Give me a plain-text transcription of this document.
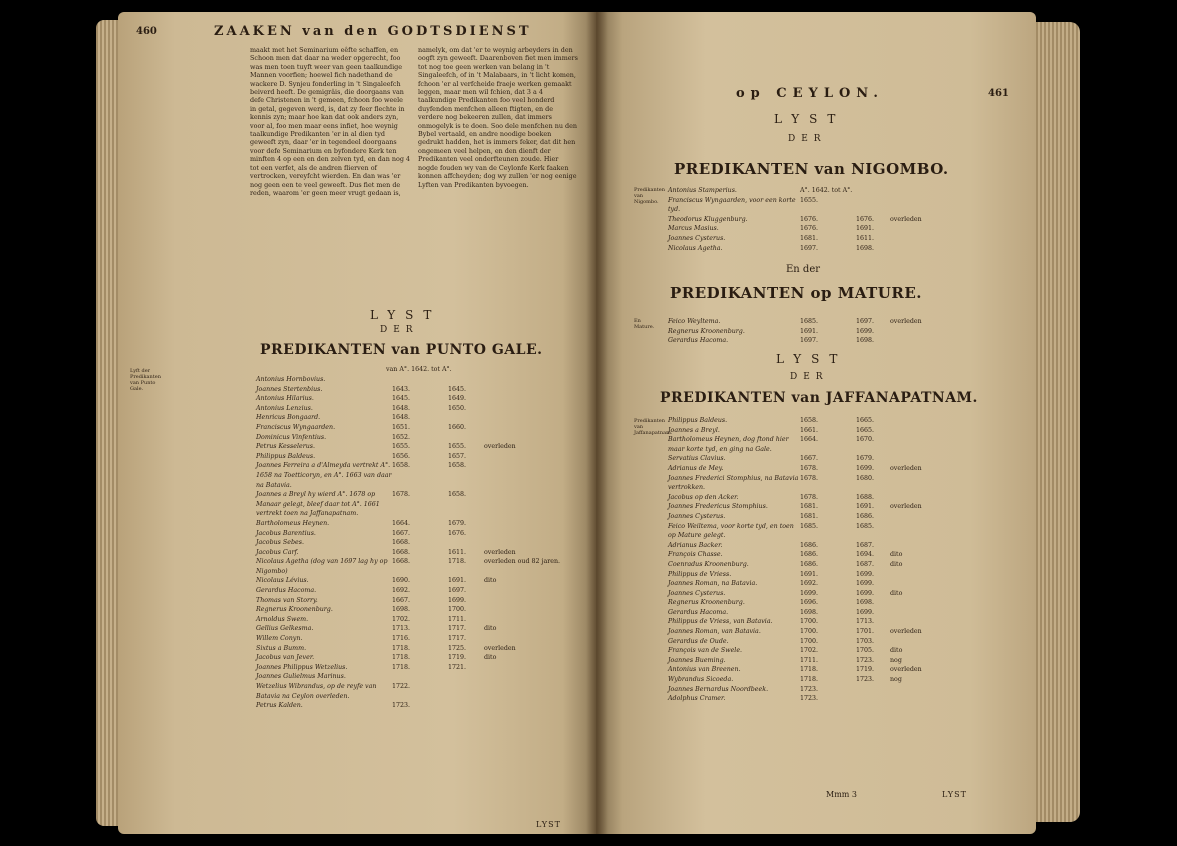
460	ZAAKEN van den GODTSDIENST
maakt met het Seminarium eêfte schaffen, en Schoon men dat daar na weder opgerecht, foo was men toen tuyft weer van geen taalkundige Mannen voorfien; hoewel fich nadethand de wackere D. Synjeu fonderling in 't Singaleefch beiverd heeft. De gemigrâis, die doorgaans van defe Christenen in 't gemeen, fchoon foo weele in getal, gegeven werd, is, dat zy feer flechte in kennis zyn; maar hoe kan dat ook anders zyn, voor al, foo men maar eens infiet, hoe weynig taalkundige Predikanten 'er in al dien tyd geweeft zyn, daar 'er in tegendeel doorgaans voor defe Seminarium en byfondere Kerk ten minften 4 op een en den zelven tyd, en dan nog 4 tot een verfet, als de andren flierven of vertrocken, vereyfcht wierden. En dan was 'er nog geen een te veel geweeft. Dus fiet men de reden, waarom 'er geen meer vrugt gedaan is,
namelyk, om dat 'er te weynig arbeyders in den oogft zyn geweeft. Daarenboven fiet men immers tot nog toe geen werken van belang in 't Singaleefch, of in 't Malabaars, in 't licht komen, fchoon 'er al verfcheide fraeje werken gemaakt leggen, maar men wil fchien, dat 3 a 4 taalkundige Predikanten foo veel honderd duyfenden menfchen alleen ftigten, en de verdere nog bekeeren zullen, dat immers onmogelyk is te doen. Soo dele menfchen nu den Bybel vertaald, en andre noodige boeken gedrukt hadden, het is immers feker, dat dit hen ongemeen veel helpen, en den dienft der Predikanten veel onderfteunen zoude. Hier nogde fouden wy van de Ceylonfe Kerk faaken konnen affcheyden; dog wy zullen 'er nog eenige Lyften van Predikanten byvoegen.
LYST
DER
PREDIKANTEN van PUNTO GALE.
Lyft der Predikanten van Punto Gale.
van A°. 1642. tot A°.
Antonius Hornbovius.			
Joannes Stertenbius.	1643.	1645.	
Antonius Hilarius.	1645.	1649.	
Antonius Lenzius.	1648.	1650.	
Henricus Bongaard.	1648.		
Franciscus Wyngaarden.	1651.	1660.	
Dominicus Vinfentius.	1652.		
Petrus Kesselerus.	1655.	1655.	overleden
Philippus Baldeus.	1656.	1657.	
Joannes Ferreira a d'Almeyda vertrekt A°. 1658 na Toetticoryn, en A°. 1663 van daar na Batavia.	1658.	1658.	
Joannes a Breyl hy wierd A°. 1678 op Manaar gelegt, bleef daar tot A°. 1661 vertrekt toen na Jaffanapatnam.	1678.	1658.	
Bartholomeus Heynen.	1664.	1679.	
Jacobus Barentius.	1667.	1676.	
Jacobus Sebes.	1668.		
Jacobus Carf.	1668.	1611.	overleden
Nicolaus Agetha (dog van 1697 lag hy op Nigombo)	1668.	1718.	overleden oud 82 jaren.
Nicolaus Lévius.	1690.	1691.	dito
Gerardus Hacoma.	1692.	1697.	
Thomas van Storry.	1667.	1699.	
Regnerus Kroonenburg.	1698.	1700.	
Arnoldus Swem.	1702.	1711.	
Gellius Gelkesma.	1713.	1717.	dito
Willem Conyn.	1716.	1717.	
Sixtus a Bumm.	1718.	1725.	overleden
Jacobus van Jever.	1718.	1719.	dito
Joannes Philippus Wetzelius.	1718.	1721.	
Joannes Gulielmus Marinus.			
Wetzelius Wibrandus, op de reyfe van Batavia na Ceylon overleden.	1722.		
Petrus Kalden.	1723.		
LYST
op CEYLON.	461
LYST
DER
PREDIKANTEN van NIGOMBO.
Predikanten van Nigombo.
Antonius Stamperius.	A°. 1642. tot A°.		
Franciscus Wyngaarden, voor een korte tyd.	1655.		
Theodorus Kluggenburg.	1676.	1676.	overleden
Marcus Masius.	1676.	1691.	
Joannes Cysterus.	1681.	1611.	
Nicolaus Agetha.	1697.	1698.	
En der
PREDIKANTEN op MATURE.
En Mature.
Feico Weyltema.	1685.	1697.	overleden
Regnerus Kroonenburg.	1691.	1699.	
Gerardus Hacoma.	1697.	1698.	
LYST
DER
PREDIKANTEN van JAFFANAPATNAM.
Predikanten van Jaffanapatnam.
Philippus Baldeus.	1658.	1665.	
Joannes a Breyl.	1661.	1665.	
Bartholomeus Heynen, dog ftond hier maar korte tyd, en ging na Gale.	1664.	1670.	
Servatius Clavius.	1667.	1679.	
Adrianus de Mey.	1678.	1699.	overleden
Joannes Frederici Stomphius, na Batavia vertrokken.	1678.	1680.	
Jacobus op den Acker.	1678.	1688.	
Joannes Fredericus Stomphius.	1681.	1691.	overleden
Joannes Cysterus.	1681.	1686.	
Feico Weiltema, voor korte tyd, en toen op Mature gelegt.	1685.	1685.	
Adrianus Backer.	1686.	1687.	
François Chasse.	1686.	1694.	dito
Coenradus Kroonenburg.	1686.	1687.	dito
Philippus de Vriess.	1691.	1699.	
Joannes Roman, na Batavia.	1692.	1699.	
Joannes Cysterus.	1699.	1699.	dito
Regnerus Kroonenburg.	1696.	1698.	
Gerardus Hacoma.	1698.	1699.	
Philippus de Vriess, van Batavia.	1700.	1713.	
Joannes Roman, van Batavia.	1700.	1701.	overleden
Gerardus de Oude.	1700.	1703.	
François van de Swele.	1702.	1705.	dito
Joannes Bueming.	1711.	1723.	nog
Antonius van Breenen.	1718.	1719.	overleden
Wybrandus Sicoeda.	1718.	1723.	nog
Joannes Bernardus Noordbeek.	1723.		
Adolphus Cramer.	1723.		
Mmm 3	LYST
